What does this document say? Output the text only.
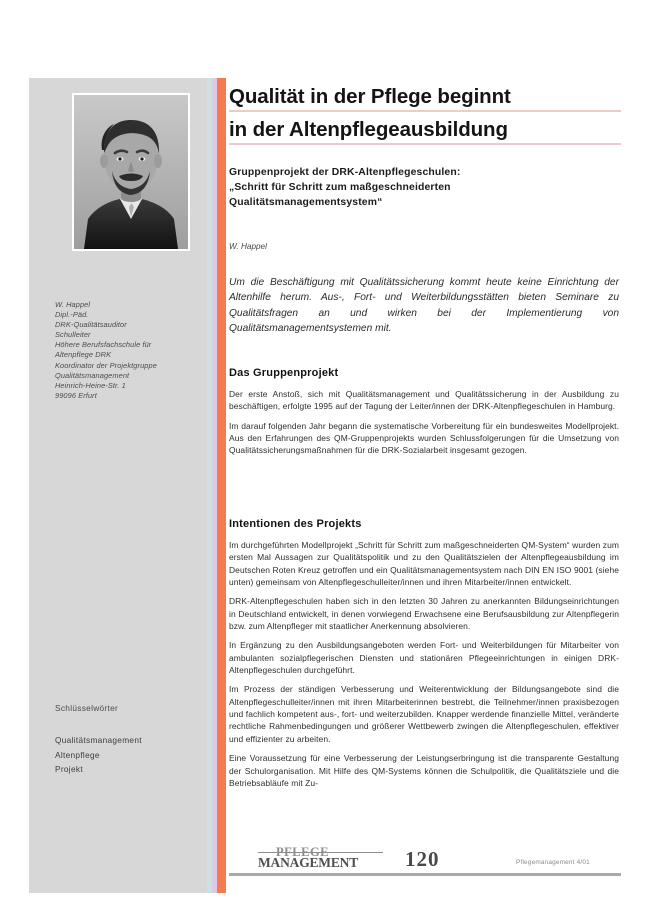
W. Happel
Dipl.-Päd.
DRK-Qualitätsauditor
Schulleiter
Höhere Berufsfachschule für
Altenpflege DRK
Koordinator der Projektgruppe
Qualitätsmanagement
Heinrich-Heine-Str. 1
99096 Erfurt
Schlüsselwörter
Qualitätsmanagement
Altenpflege
Projekt
Qualität in der Pflege beginnt
in der Altenpflegeausbildung
Gruppenprojekt der DRK-Altenpflegeschulen:
„Schritt für Schritt zum maßgeschneiderten
Qualitätsmanagementsystem“
W. Happel
Um die Beschäftigung mit Qualitätssicherung kommt heute keine Einrichtung der Altenhilfe herum. Aus-, Fort- und Weiterbildungsstätten bieten Seminare zu Qualitätsfragen an und wirken bei der Implementierung von Qualitätsmanagementsystemen mit.
Das Gruppenprojekt

Der erste Anstoß, sich mit Qualitätsmanagement und Qualitätssicherung in der Ausbildung zu beschäftigen, erfolgte 1995 auf der Tagung der Leiter/innen der DRK-Altenpflegeschulen in Hamburg.

Im darauf folgenden Jahr begann die systematische Vorbereitung für ein bundesweites Modellprojekt. Aus den Erfahrungen des QM-Gruppenprojekts wurden Schlussfolgerungen für die Umsetzung von Qualitätssicherungsmaßnahmen für die DRK-Sozialarbeit insgesamt gezogen.

Intentionen des Projekts

Im durchgeführten Modellprojekt „Schritt für Schritt zum maßgeschneiderten QM-System“ wurden zum ersten Mal Aussagen zur Qualitätspolitik und zu den Qualitätszielen der Altenpflegeausbildung im Deutschen Roten Kreuz getroffen und ein Qualitätsmanagementsystem nach DIN EN ISO 9001 (siehe unten) gemeinsam von Altenpflegeschulleiter/innen und ihren Mitarbeiter/innen entwickelt.

DRK-Altenpflegeschulen haben sich in den letzten 30 Jahren zu anerkannten Bildungseinrichtungen in Deutschland entwickelt, in denen vorwiegend Erwachsene eine Berufsausbildung zur Altenpflegerin bzw. zum Altenpfleger mit staatlicher Anerkennung absolvieren.

In Ergänzung zu den Ausbildungsangeboten werden Fort- und Weiterbildungen für Mitarbeiter von ambulanten sozialpflegerischen Diensten und stationären Pflegeeinrichtungen in einigen DRK-Altenpflegeschulen durchgeführt.

Im Prozess der ständigen Verbesserung und Weiterentwicklung der Bildungsangebote sind die Altenpflegeschulleiter/innen mit ihren Mitarbeiterinnen bestrebt, die Teilnehmer/innen praxisbezogen und fachlich kompetent aus-, fort- und weiterzubilden. Knapper werdende finanzielle Mittel, veränderte rechtliche Rahmenbedingungen und größerer Wettbewerb zwingen die Altenpflegeschulen, effektiver und effizienter zu arbeiten.

Eine Voraussetzung für eine Verbesserung der Leistungserbringung ist die transparente Gestaltung der Schulorganisation. Mit Hilfe des QM-Systems können die Schulpolitik, die Qualitätsziele und die Betriebsabläufe mit Zu-

PFLEGE
MANAGEMENT 120	Pflegemanagement 4/01
